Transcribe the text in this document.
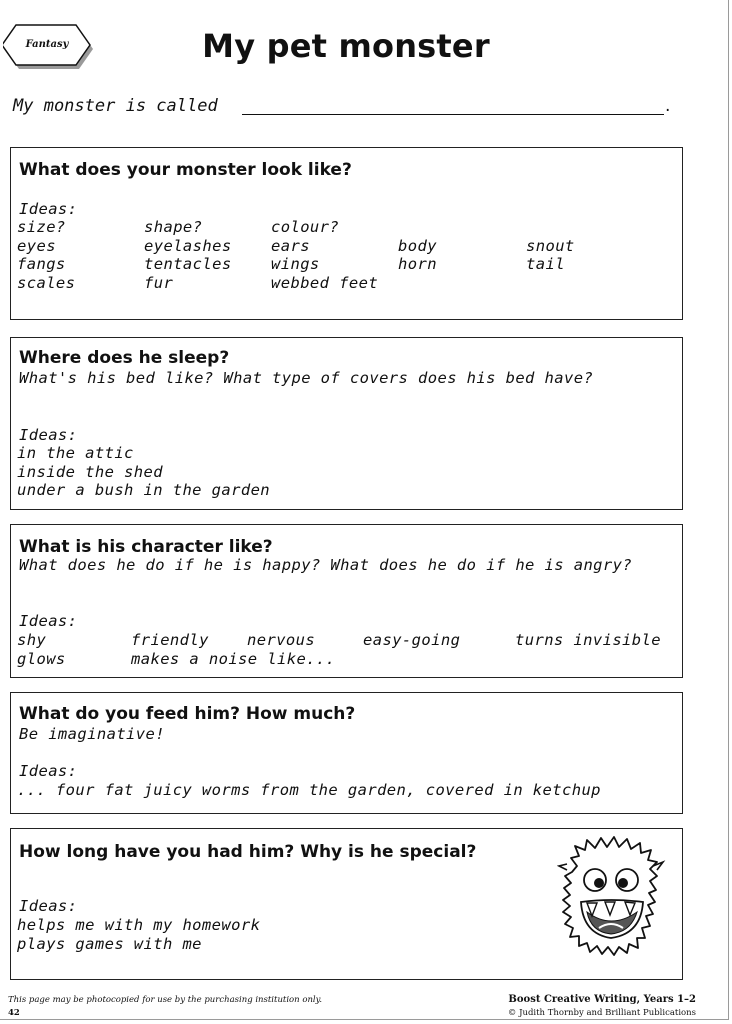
Fantasy	My pet monster
My monster is called	.
What does your monster look like?
Ideas:
size?	shape?	colour?
eyes	eyelashes	ears	body	snout
fangs	tentacles	wings	horn	tail
scales	fur	webbed feet
Where does he sleep?
What's his bed like? What type of covers does his bed have?
Ideas:
in the attic
inside the shed
under a bush in the garden
What is his character like?
What does he do if he is happy? What does he do if he is angry?
Ideas:
shy	friendly nervous	easy-going	turns invisible
glows	makes a noise like...
What do you feed him? How much?
Be imaginative!
Ideas:
... four fat juicy worms from the garden, covered in ketchup
How long have you had him? Why is he special?
Ideas:
helps me with my homework
plays games with me
This page may be photocopied for use by the purchasing institution only.
42
Boost Creative Writing, Years 1–2
© Judith Thornby and Brilliant Publications
